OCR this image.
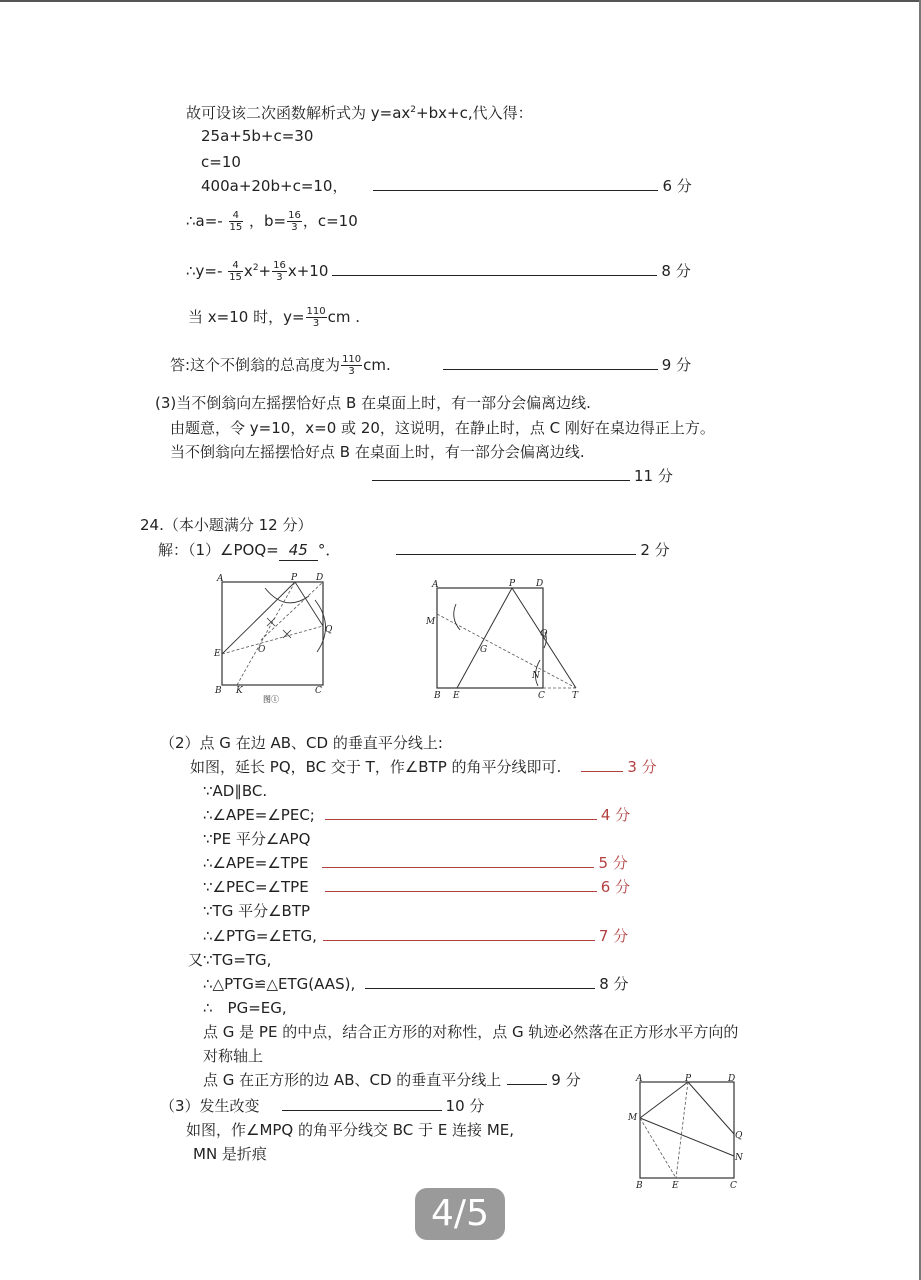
故可设该二次函数解析式为 $y=ax^2+bx+c$,代入得：
25a+5b+c=30
c=10
400a+20b+c=10，	6 分
∴a=- $\frac{4}{15}$ ，$b= \frac{16}{3}$ ，c=10
∴y=- $\frac{4}{15} x^2+ \frac{16}{3} x+10$	8 分
当 x=10 时，$y= \frac{110}{3}$ cm .
答:这个不倒翁的总高度为 $\frac{110}{3}$ cm.	9 分
(3)当不倒翁向左摇摆恰好点 B 在桌面上时，有一部分会偏离边线.
由题意，令 y=10，x=0 或 20，这说明，在静止时，点 C 刚好在桌边得正上方。
当不倒翁向左摇摆恰好点 B 在桌面上时，有一部分会偏离边线.
11 分
24.（本小题满分 12 分）
解：（1）∠POQ= 45 °．	2 分
A	P D
Q
E	O
B K	C
图①
A	P D
M
G
Q
N
B E	C	T
（2）点 G 在边 AB、CD 的垂直平分线上:
如图，延长 PQ，BC 交于 T，作∠BTP 的角平分线即可.	3 分
∵AD∥BC.
∴∠APE=∠PEC;	4 分
∵PE 平分∠APQ
∴∠APE=∠TPE	5 分
∵∠PEC=∠TPE	6 分
∵TG 平分∠BTP
∴∠PTG=∠ETG,	7 分
又∵TG=TG,
∴△PTG≌△ETG(AAS),	8 分
∴　PG=EG,
点 G 是 PE 的中点，结合正方形的对称性，点 G 轨迹必然落在正方形水平方向的
对称轴上
点 G 在正方形的边 AB、CD 的垂直平分线上	9 分
（3）发生改变	10 分
如图，作∠MPQ 的角平分线交 BC 于 E 连接 ME,
MN 是折痕
A	P	D
M
Q
N
B	E	C
4/5
